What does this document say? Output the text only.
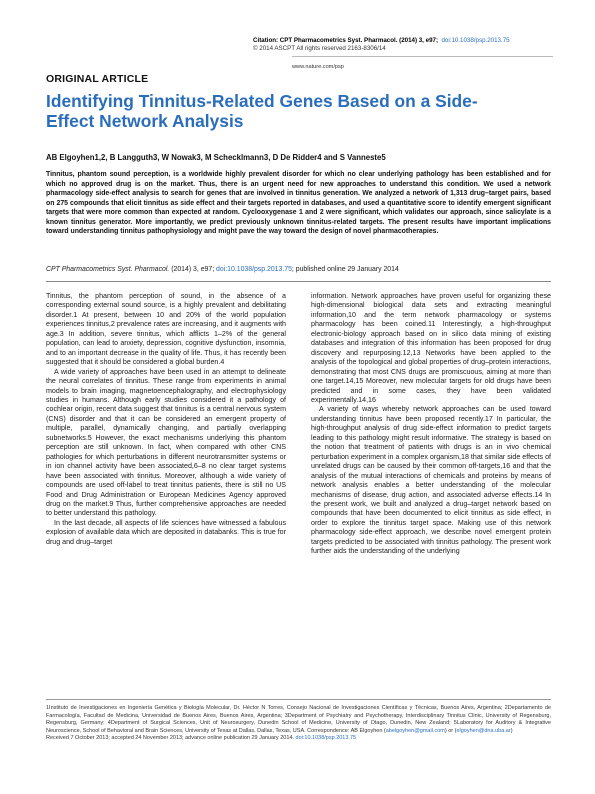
Citation: CPT Pharmacometrics Syst. Pharmacol. (2014) 3, e97; doi:10.1038/psp.2013.75
© 2014 ASCPT All rights reserved 2163-8306/14
www.nature.com/psp
ORIGINAL ARTICLE
Identifying Tinnitus-Related Genes Based on a Side-Effect Network Analysis
AB Elgoyhen1,2, B Langguth3, W Nowak3, M Schecklmann3, D De Ridder4 and S Vanneste5
Tinnitus, phantom sound perception, is a worldwide highly prevalent disorder for which no clear underlying pathology has been established and for which no approved drug is on the market. Thus, there is an urgent need for new approaches to understand this condition. We used a network pharmacology side-effect analysis to search for genes that are involved in tinnitus generation. We analyzed a network of 1,313 drug–target pairs, based on 275 compounds that elicit tinnitus as side effect and their targets reported in databases, and used a quantitative score to identify emergent significant targets that were more common than expected at random. Cyclooxygenase 1 and 2 were significant, which validates our approach, since salicylate is a known tinnitus generator. More importantly, we predict previously unknown tinnitus-related targets. The present results have important implications toward understanding tinnitus pathophysiology and might pave the way toward the design of novel pharmacotherapies.
CPT Pharmacometrics Syst. Pharmacol. (2014) 3, e97; doi:10.1038/psp.2013.75; published online 29 January 2014

Tinnitus, the phantom perception of sound, in the absence of a corresponding external sound source, is a highly prevalent and debilitating disorder.1 At present, between 10 and 20% of the world population experiences tinnitus,2 prevalence rates are increasing, and it augments with age.3 In addition, severe tinnitus, which afflicts 1–2% of the general population, can lead to anxiety, depression, cognitive dysfunction, insomnia, and to an important decrease in the quality of life. Thus, it has recently been suggested that it should be considered a global burden.4

A wide variety of approaches have been used in an attempt to delineate the neural correlates of tinnitus. These range from experiments in animal models to brain imaging, magnetoencephalography, and electrophysiology studies in humans. Although early studies considered it a pathology of cochlear origin, recent data suggest that tinnitus is a central nervous system (CNS) disorder and that it can be considered an emergent property of multiple, parallel, dynamically changing, and partially overlapping subnetworks.5 However, the exact mechanisms underlying this phantom perception are still unknown. In fact, when compared with other CNS pathologies for which perturbations in different neurotransmitter systems or in ion channel activity have been associated,6–8 no clear target systems have been associated with tinnitus. Moreover, although a wide variety of compounds are used off-label to treat tinnitus patients, there is still no US Food and Drug Administration or European Medicines Agency approved drug on the market.9 Thus, further comprehensive approaches are needed to better understand this pathology.

In the last decade, all aspects of life sciences have witnessed a fabulous explosion of available data which are deposited in databanks. This is true for drug and drug–target

information. Network approaches have proven useful for organizing these high-dimensional biological data sets and extracting meaningful information,10 and the term network pharmacology or systems pharmacology has been coined.11 Interestingly, a high-throughput electronic-biology approach based on in silico data mining of existing databases and integration of this information has been proposed for drug discovery and repurposing.12,13 Networks have been applied to the analysis of the topological and global properties of drug–protein interactions, demonstrating that most CNS drugs are promiscuous, aiming at more than one target.14,15 Moreover, new molecular targets for old drugs have been predicted and in some cases, they have been validated experimentally.14,16

A variety of ways whereby network approaches can be used toward understanding tinnitus have been proposed recently.17 In particular, the high-throughput analysis of drug side-effect information to predict targets leading to this pathology might result informative. The strategy is based on the notion that treatment of patients with drugs is an in vivo chemical perturbation experiment in a complex organism,18 that similar side effects of unrelated drugs can be caused by their common off-targets,16 and that the analysis of the mutual interactions of chemicals and proteins by means of network analysis enables a better understanding of the molecular mechanisms of disease, drug action, and associated adverse effects.14 In the present work, we built and analyzed a drug–target network based on compounds that have been documented to elicit tinnitus as side effect, in order to explore the tinnitus target space. Making use of this network pharmacology side-effect approach, we describe novel emergent protein targets predicted to be associated with tinnitus pathology. The present work further aids the understanding of the underlying

1Instituto de Investigaciones en Ingeniería Genética y Biología Molecular, Dr. Héctor N Torres, Consejo Nacional de Investigaciones Científicas y Técnicas, Buenos Aires, Argentina; 2Departamento de Farmacología, Facultad de Medicina, Universidad de Buenos Aires, Buenos Aires, Argentina; 3Department of Psychiatry and Psychotherapy, Interdisciplinary Tinnitus Clinic, University of Regensburg, Regensburg, Germany; 4Department of Surgical Sciences, Unit of Neurosurgery, Dunedin School of Medicine, University of Otago, Dunedin, New Zealand; 5Laboratory for Auditory & Integrative Neuroscience, School of Behavioral and Brain Sciences, University of Texas at Dallas, Dallas, Texas, USA. Correspondence: AB Elgoyhen (abelgoyhen@gmail.com) or (elgoyhen@dna.uba.ar)
Received 7 October 2013; accepted 24 November 2013; advance online publication 29 January 2014. doi:10.1038/psp.2013.75
